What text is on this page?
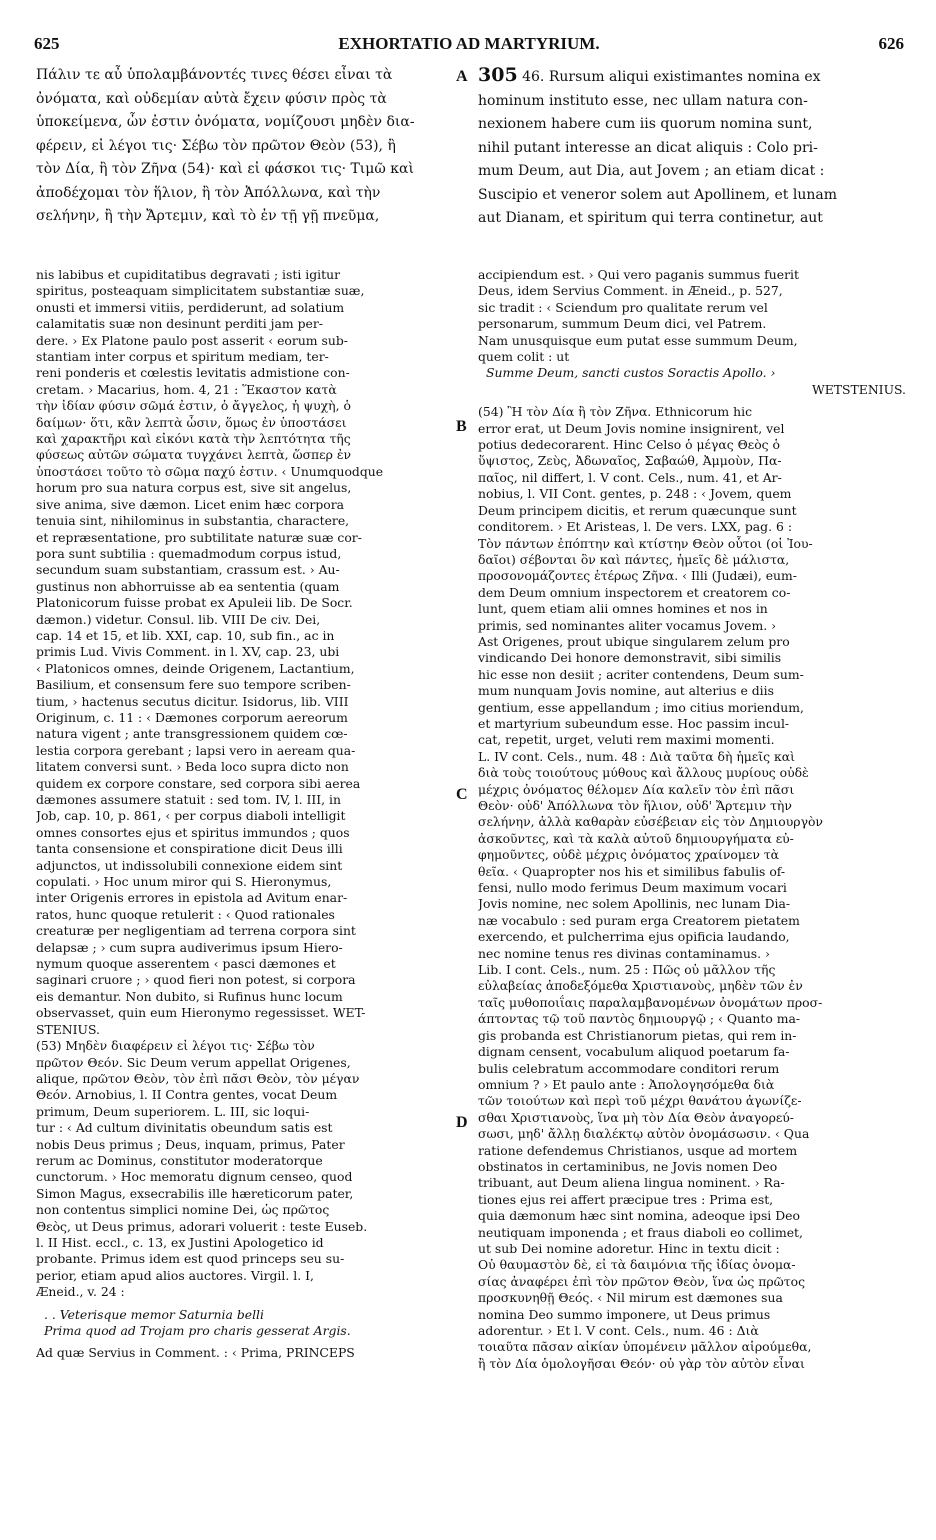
625	EXHORTATIO AD MARTYRIUM.	626
A
B
C
D
Πάλιν τε αὖ ὑπολαμβάνοντές τινες θέσει εἶναι τὰ
ὀνόματα, καὶ οὐδεμίαν αὐτὰ ἔχειν φύσιν πρὸς τὰ
ὑποκείμενα, ὧν ἐστιν ὀνόματα, νομίζουσι μηδὲν δια-
φέρειν, εἰ λέγοι τις· Σέβω τὸν πρῶτον Θεὸν (53), ἢ
τὸν Δία, ἢ τὸν Ζῆνα (54)· καὶ εἰ φάσκοι τις· Τιμῶ καὶ
ἀποδέχομαι τὸν ἥλιον, ἢ τὸν Ἀπόλλωνα, καὶ τὴν
σελήνην, ἢ τὴν Ἄρτεμιν, καὶ τὸ ἐν τῇ γῇ πνεῦμα,
305 46. Rursum aliqui existimantes nomina ex
hominum instituto esse, nec ullam natura con-
nexionem habere cum iis quorum nomina sunt,
nihil putant interesse an dicat aliquis : Colo pri-
mum Deum, aut Dia, aut Jovem ; an etiam dicat :
Suscipio et veneror solem aut Apollinem, et lunam
aut Dianam, et spiritum qui terra continetur, aut
nis labibus et cupiditatibus degravati ; isti igitur
spiritus, posteaquam simplicitatem substantiæ suæ,
onusti et immersi vitiis, perdiderunt, ad solatium
calamitatis suæ non desinunt perditi jam per-
dere. › Ex Platone paulo post asserit ‹ eorum sub-
stantiam inter corpus et spiritum mediam, ter-
reni ponderis et cœlestis levitatis admistione con-
cretam. › Macarius, hom. 4, 21 : Ἕκαστον κατὰ
τὴν ἰδίαν φύσιν σῶμά ἐστιν, ὁ ἄγγελος, ἡ ψυχὴ, ὁ
δαίμων· ὅτι, κἂν λεπτὰ ὦσιν, ὅμως ἐν ὑποστάσει
καὶ χαρακτῆρι καὶ εἰκόνι κατὰ τὴν λεπτότητα τῆς
φύσεως αὐτῶν σώματα τυγχάνει λεπτὰ, ὥσπερ ἐν
ὑποστάσει τοῦτο τὸ σῶμα παχύ ἐστιν. ‹ Unumquodque
horum pro sua natura corpus est, sive sit angelus,
sive anima, sive dæmon. Licet enim hæc corpora
tenuia sint, nihilominus in substantia, charactere,
et repræsentatione, pro subtilitate naturæ suæ cor-
pora sunt subtilia : quemadmodum corpus istud,
secundum suam substantiam, crassum est. › Au-
gustinus non abhorruisse ab ea sententia (quam
Platonicorum fuisse probat ex Apuleii lib. De Socr.
dæmon.) videtur. Consul. lib. VIII De civ. Dei,
cap. 14 et 15, et lib. XXI, cap. 10, sub fin., ac in
primis Lud. Vivis Comment. in l. XV, cap. 23, ubi
‹ Platonicos omnes, deinde Origenem, Lactantium,
Basilium, et consensum fere suo tempore scriben-
tium, › hactenus secutus dicitur. Isidorus, lib. VIII
Originum, c. 11 : ‹ Dæmones corporum aereorum
natura vigent ; ante transgressionem quidem cœ-
lestia corpora gerebant ; lapsi vero in aeream qua-
litatem conversi sunt. › Beda loco supra dicto non
quidem ex corpore constare, sed corpora sibi aerea
dæmones assumere statuit : sed tom. IV, l. III, in
Job, cap. 10, p. 861, ‹ per corpus diaboli intelligit
omnes consortes ejus et spiritus immundos ; quos
tanta consensione et conspiratione dicit Deus illi
adjunctos, ut indissolubili connexione eidem sint
copulati. › Hoc unum miror qui S. Hieronymus,
inter Origenis errores in epistola ad Avitum enar-
ratos, hunc quoque retulerit : ‹ Quod rationales
creaturæ per negligentiam ad terrena corpora sint
delapsæ ; › cum supra audiverimus ipsum Hiero-
nymum quoque asserentem ‹ pasci dæmones et
saginari cruore ; › quod fieri non potest, si corpora
eis demantur. Non dubito, si Rufinus hunc locum
observasset, quin eum Hieronymo regessisset. WET-
STENIUS.
(53) Μηδὲν διαφέρειν εἰ λέγοι τις· Σέβω τὸν
πρῶτον Θεόν. Sic Deum verum appellat Origenes,
alique, πρῶτον Θεὸν, τὸν ἐπὶ πᾶσι Θεὸν, τὸν μέγαν
Θεόν. Arnobius, l. II Contra gentes, vocat Deum
primum, Deum superiorem. L. III, sic loqui-
tur : ‹ Ad cultum divinitatis obeundum satis est
nobis Deus primus ; Deus, inquam, primus, Pater
rerum ac Dominus, constitutor moderatorque
cunctorum. › Hoc memoratu dignum censeo, quod
Simon Magus, exsecrabilis ille hæreticorum pater,
non contentus simplici nomine Dei, ὡς πρῶτος
Θεὸς, ut Deus primus, adorari voluerit : teste Euseb.
l. II Hist. eccl., c. 13, ex Justini Apologetico id
probante. Primus idem est quod princeps seu su-
perior, etiam apud alios auctores. Virgil. l. I,
Æneid., v. 24 :
. . Veterisque memor Saturnia belli
Prima quod ad Trojam pro charis gesserat Argis.
Ad quæ Servius in Comment. : ‹ Prima, PRINCEPS
accipiendum est. › Qui vero paganis summus fuerit
Deus, idem Servius Comment. in Æneid., p. 527,
sic tradit : ‹ Sciendum pro qualitate rerum vel
personarum, summum Deum dici, vel Patrem.
Nam unusquisque eum putat esse summum Deum,
quem colit : ut
Summe Deum, sancti custos Soractis Apollo. ›
WETSTENIUS.
(54) Ἢ τὸν Δία ἢ τὸν Ζῆνα. Ethnicorum hic
error erat, ut Deum Jovis nomine insignirent, vel
potius dedecorarent. Hinc Celso ὁ μέγας Θεὸς ὁ
ὕψιστος, Ζεὺς, Ἀδωναῖος, Σαβαώθ, Ἀμμοὺν, Πα-
παῖος, nil differt, l. V cont. Cels., num. 41, et Ar-
nobius, l. VII Cont. gentes, p. 248 : ‹ Jovem, quem
Deum principem dicitis, et rerum quæcunque sunt
conditorem. › Et Aristeas, l. De vers. LXX, pag. 6 :
Τὸν πάντων ἐπόπτην καὶ κτίστην Θεὸν οὗτοι (οἱ Ἰου-
δαῖοι) σέβονται ὃν καὶ πάντες, ἡμεῖς δὲ μάλιστα,
προσονομάζοντες ἑτέρως Ζῆνα. ‹ Illi (Judæi), eum-
dem Deum omnium inspectorem et creatorem co-
lunt, quem etiam alii omnes homines et nos in
primis, sed nominantes aliter vocamus Jovem. ›
Ast Origenes, prout ubique singularem zelum pro
vindicando Dei honore demonstravit, sibi similis
hic esse non desiit ; acriter contendens, Deum sum-
mum nunquam Jovis nomine, aut alterius e diis
gentium, esse appellandum ; imo citius moriendum,
et martyrium subeundum esse. Hoc passim incul-
cat, repetit, urget, veluti rem maximi momenti.
L. IV cont. Cels., num. 48 : Διὰ ταῦτα δὴ ἡμεῖς καὶ
διὰ τοὺς τοιούτους μύθους καὶ ἄλλους μυρίους οὐδὲ
μέχρις ὀνόματος θέλομεν Δία καλεῖν τὸν ἐπὶ πᾶσι
Θεὸν· οὐδ' Ἀπόλλωνα τὸν ἥλιον, οὐδ' Ἄρτεμιν τὴν
σελήνην, ἀλλὰ καθαρὰν εὐσέβειαν εἰς τὸν Δημιουργὸν
ἀσκοῦντες, καὶ τὰ καλὰ αὐτοῦ δημιουργήματα εὐ-
φημοῦντες, οὐδὲ μέχρις ὀνόματος χραίνομεν τὰ
θεῖα. ‹ Quapropter nos his et similibus fabulis of-
fensi, nullo modo ferimus Deum maximum vocari
Jovis nomine, nec solem Apollinis, nec lunam Dia-
næ vocabulo : sed puram erga Creatorem pietatem
exercendo, et pulcherrima ejus opificia laudando,
nec nomine tenus res divinas contaminamus. ›
Lib. I cont. Cels., num. 25 : Πῶς οὐ μᾶλλον τῆς
εὐλαβείας ἀποδεξόμεθα Χριστιανοὺς, μηδὲν τῶν ἐν
ταῖς μυθοποιΐαις παραλαμβανομένων ὀνομάτων προσ-
άπτοντας τῷ τοῦ παντὸς δημιουργῷ ; ‹ Quanto ma-
gis probanda est Christianorum pietas, qui rem in-
dignam censent, vocabulum aliquod poetarum fa-
bulis celebratum accommodare conditori rerum
omnium ? › Et paulo ante : Ἀπολογησόμεθα διὰ
τῶν τοιούτων καὶ περὶ τοῦ μέχρι θανάτου ἀγωνίζε-
σθαι Χριστιανοὺς, ἵνα μὴ τὸν Δία Θεὸν ἀναγορεύ-
σωσι, μηδ' ἄλλῃ διαλέκτῳ αὐτὸν ὀνομάσωσιν. ‹ Qua
ratione defendemus Christianos, usque ad mortem
obstinatos in certaminibus, ne Jovis nomen Deo
tribuant, aut Deum aliena lingua nominent. › Ra-
tiones ejus rei affert præcipue tres : Prima est,
quia dæmonum hæc sint nomina, adeoque ipsi Deo
neutiquam imponenda ; et fraus diaboli eo collimet,
ut sub Dei nomine adoretur. Hinc in textu dicit :
Οὐ θαυμαστὸν δὲ, εἰ τὰ δαιμόνια τῆς ἰδίας ὀνομα-
σίας ἀναφέρει ἐπὶ τὸν πρῶτον Θεὸν, ἵνα ὡς πρῶτος
προσκυνηθῇ Θεός. ‹ Nil mirum est dæmones sua
nomina Deo summo imponere, ut Deus primus
adorentur. › Et l. V cont. Cels., num. 46 : Διὰ
τοιαῦτα πᾶσαν αἰκίαν ὑπομένειν μᾶλλον αἱρούμεθα,
ἢ τὸν Δία ὁμολογῆσαι Θεόν· οὐ γὰρ τὸν αὐτὸν εἶναι
